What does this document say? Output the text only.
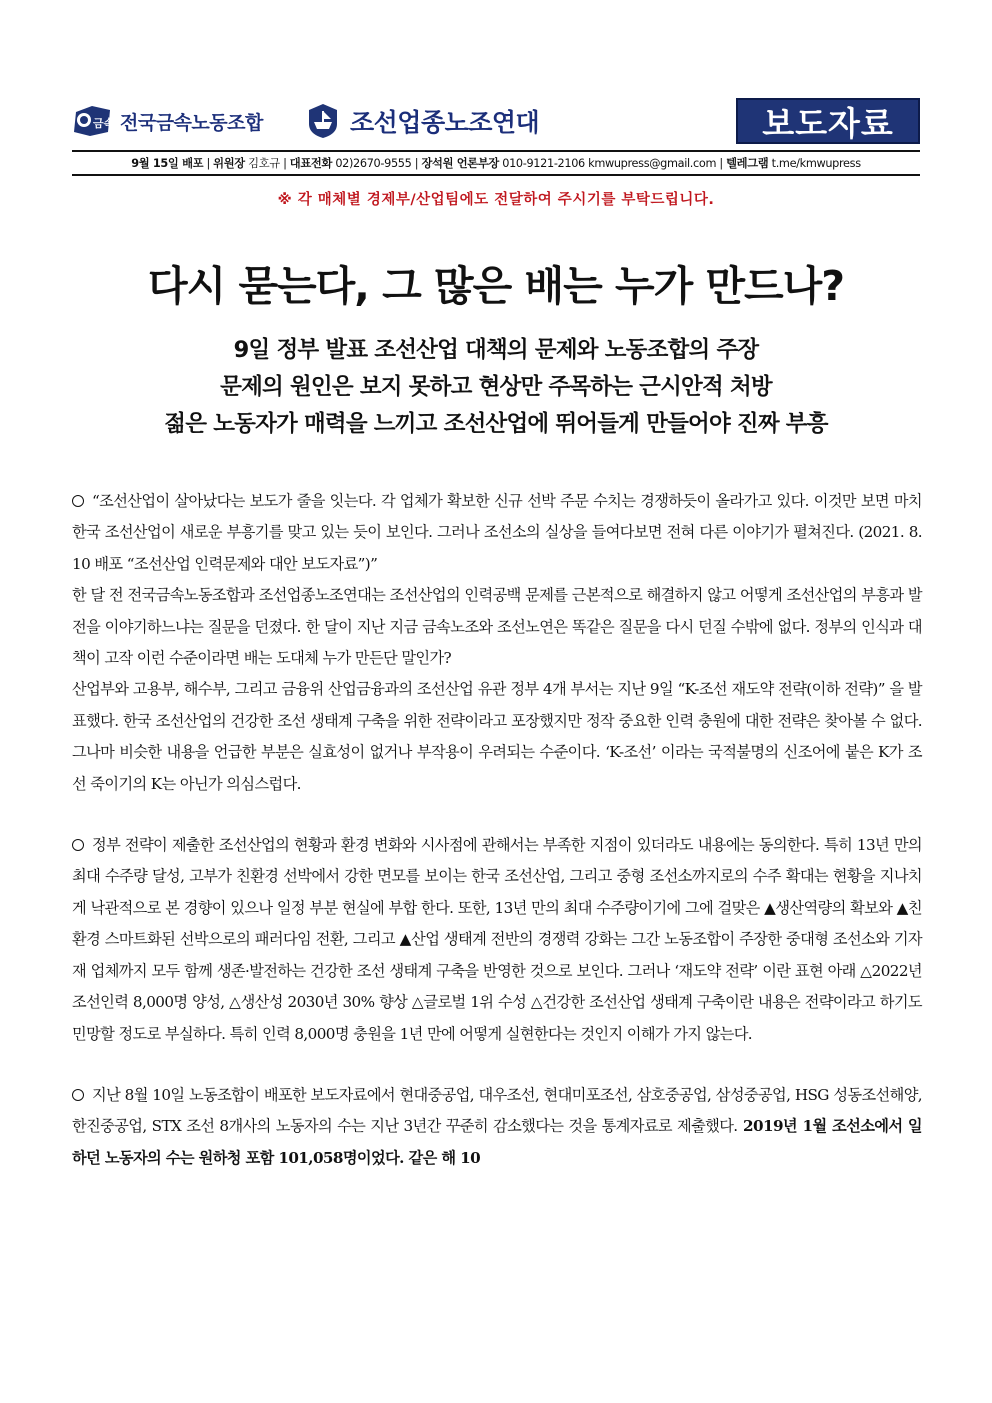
금속 전국금속노동조합	조선업종노조연대	보도자료
9월 15일 배포
|
위원장
김호규
|
대표전화
02)2670-9555
|
장석원 언론부장
010-9121-2106 kmwupress@gmail.com
|
텔레그램
t.me/kmwupress
※ 각 매체별 경제부/산업팀에도 전달하여 주시기를 부탁드립니다.
다시 묻는다, 그 많은 배는 누가 만드나?
9일 정부 발표 조선산업 대책의 문제와 노동조합의 주장
문제의 원인은 보지 못하고 현상만 주목하는 근시안적 처방
젊은 노동자가 매력을 느끼고 조선산업에 뛰어들게 만들어야 진짜 부흥

“조선산업이 살아났다는 보도가 줄을 잇는다. 각 업체가 확보한 신규 선박 주문 수치는 경쟁하듯이 올라가고 있다. 이것만 보면 마치 한국 조선산업이 새로운 부흥기를 맞고 있는 듯이 보인다. 그러나 조선소의 실상을 들여다보면 전혀 다른 이야기가 펼쳐진다. (2021. 8. 10 배포 “조선산업 인력문제와 대안 보도자료”)”

한 달 전 전국금속노동조합과 조선업종노조연대는 조선산업의 인력공백 문제를 근본적으로 해결하지 않고 어떻게 조선산업의 부흥과 발전을 이야기하느냐는 질문을 던졌다. 한 달이 지난 지금 금속노조와 조선노연은 똑같은 질문을 다시 던질 수밖에 없다. 정부의 인식과 대책이 고작 이런 수준이라면 배는 도대체 누가 만든단 말인가?

산업부와 고용부, 해수부, 그리고 금융위 산업금융과의 조선산업 유관 정부 4개 부서는 지난 9일 “K-조선 재도약 전략(이하 전략)” 을 발표했다. 한국 조선산업의 건강한 조선 생태계 구축을 위한 전략이라고 포장했지만 정작 중요한 인력 충원에 대한 전략은 찾아볼 수 없다. 그나마 비슷한 내용을 언급한 부분은 실효성이 없거나 부작용이 우려되는 수준이다. ‘K-조선’ 이라는 국적불명의 신조어에 붙은 K가 조선 죽이기의 K는 아닌가 의심스럽다.

정부 전략이 제출한 조선산업의 현황과 환경 변화와 시사점에 관해서는 부족한 지점이 있더라도 내용에는 동의한다. 특히 13년 만의 최대 수주량 달성, 고부가 친환경 선박에서 강한 면모를 보이는 한국 조선산업, 그리고 중형 조선소까지로의 수주 확대는 현황을 지나치게 낙관적으로 본 경향이 있으나 일정 부분 현실에 부합 한다. 또한, 13년 만의 최대 수주량이기에 그에 걸맞은 ▲생산역량의 확보와 ▲친환경 스마트화된 선박으로의 패러다임 전환, 그리고 ▲산업 생태계 전반의 경쟁력 강화는 그간 노동조합이 주장한 중대형 조선소와 기자재 업체까지 모두 함께 생존·발전하는 건강한 조선 생태계 구축을 반영한 것으로 보인다. 그러나 ‘재도약 전략’ 이란 표현 아래 △2022년 조선인력 8,000명 양성, △생산성 2030년 30% 향상 △글로벌 1위 수성 △건강한 조선산업 생태계 구축이란 내용은 전략이라고 하기도 민망할 정도로 부실하다. 특히 인력 8,000명 충원을 1년 만에 어떻게 실현한다는 것인지 이해가 가지 않는다.

지난 8월 10일 노동조합이 배포한 보도자료에서 현대중공업, 대우조선, 현대미포조선, 삼호중공업, 삼성중공업, HSG 성동조선해양, 한진중공업, STX 조선 8개사의 노동자의 수는 지난 3년간 꾸준히 감소했다는 것을 통계자료로 제출했다. 2019년 1월 조선소에서 일하던 노동자의 수는 원하청 포함 101,058명이었다. 같은 해 10
